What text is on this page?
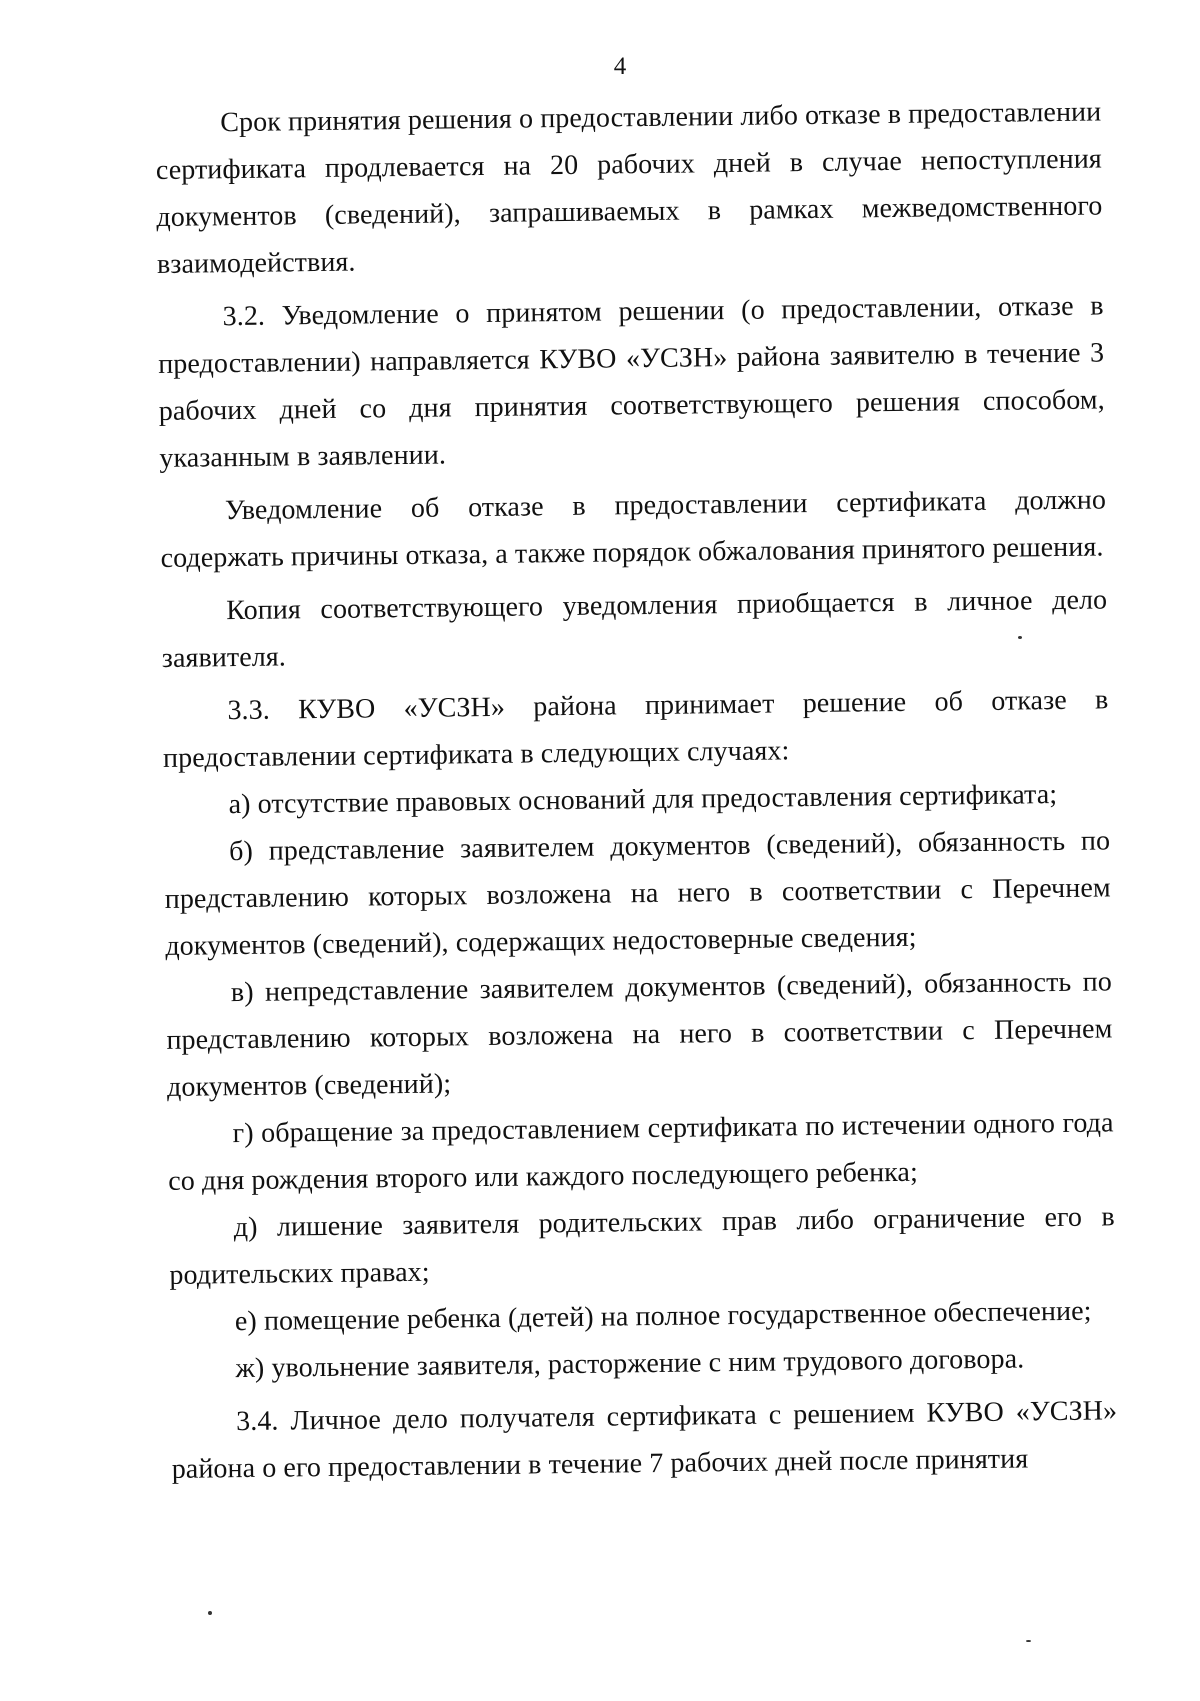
4

Срок принятия решения о предоставлении либо отказе в предоставлении сертификата продлевается на 20 рабочих дней в случае непоступления документов (сведений), запрашиваемых в рамках межведомственного взаимодействия.

3.2. Уведомление о принятом решении (о предоставлении, отказе в предоставлении) направляется КУВО «УСЗН» района заявителю в течение 3 рабочих дней со дня принятия соответствующего решения способом, указанным в заявлении.

Уведомление об отказе в предоставлении сертификата должно содержать причины отказа, а также порядок обжалования принятого решения.

Копия соответствующего уведомления приобщается в личное дело заявителя.

3.3. КУВО «УСЗН» района принимает решение об отказе в предоставлении сертификата в следующих случаях:

а) отсутствие правовых оснований для предоставления сертификата;

б) представление заявителем документов (сведений), обязанность по представлению которых возложена на него в соответствии с Перечнем документов (сведений), содержащих недостоверные сведения;

в) непредставление заявителем документов (сведений), обязанность по представлению которых возложена на него в соответствии с Перечнем документов (сведений);

г) обращение за предоставлением сертификата по истечении одного года со дня рождения второго или каждого последующего ребенка;

д) лишение заявителя родительских прав либо ограничение его в родительских правах;

е) помещение ребенка (детей) на полное государственное обеспечение;

ж) увольнение заявителя, расторжение с ним трудового договора.

3.4. Личное дело получателя сертификата с решением КУВО «УСЗН» района о его предоставлении в течение 7 рабочих дней после принятия
